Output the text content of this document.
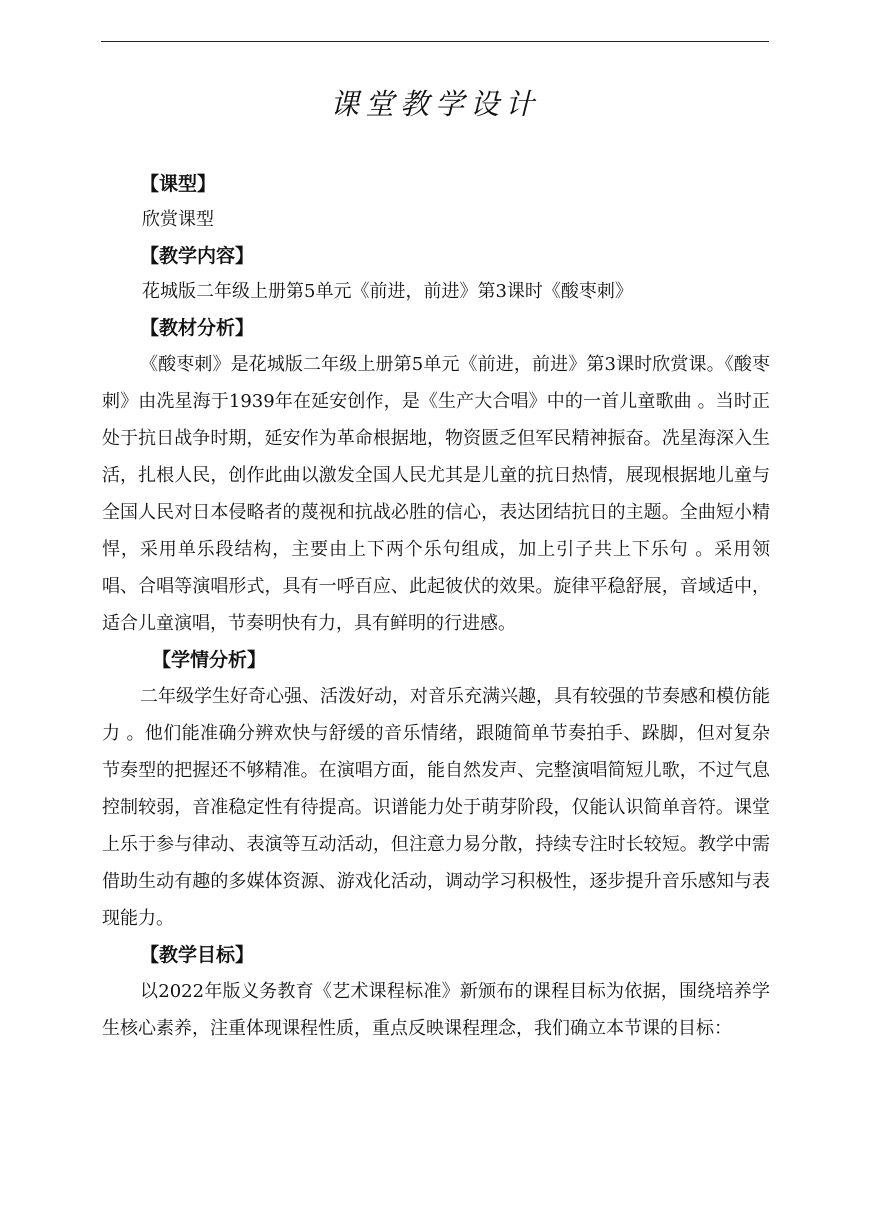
课堂教学设计
【课型】
欣赏课型
【教学内容】
花城版二年级上册第5单元《前进，前进》第3课时《酸枣刺》
【教材分析】

《酸枣刺》是花城版二年级上册第5单元《前进，前进》第3课时欣赏课。《酸枣刺》由冼星海于1939年在延安创作，是《生产大合唱》中的一首儿童歌曲 。当时正处于抗日战争时期，延安作为革命根据地，物资匮乏但军民精神振奋。冼星海深入生活，扎根人民，创作此曲以激发全国人民尤其是儿童的抗日热情，展现根据地儿童与全国人民对日本侵略者的蔑视和抗战必胜的信心，表达团结抗日的主题。全曲短小精悍，采用单乐段结构，主要由上下两个乐句组成，加上引子共上下乐句 。采用领唱、合唱等演唱形式，具有一呼百应、此起彼伏的效果。旋律平稳舒展，音域适中，适合儿童演唱，节奏明快有力，具有鲜明的行进感。

【学情分析】

二年级学生好奇心强、活泼好动，对音乐充满兴趣，具有较强的节奏感和模仿能力 。他们能准确分辨欢快与舒缓的音乐情绪，跟随简单节奏拍手、跺脚，但对复杂节奏型的把握还不够精准。在演唱方面，能自然发声、完整演唱简短儿歌，不过气息控制较弱，音准稳定性有待提高。识谱能力处于萌芽阶段，仅能认识简单音符。课堂上乐于参与律动、表演等互动活动，但注意力易分散，持续专注时长较短。教学中需借助生动有趣的多媒体资源、游戏化活动，调动学习积极性，逐步提升音乐感知与表现能力。

【教学目标】

以2022年版义务教育《艺术课程标准》新颁布的课程目标为依据，围绕培养学生核心素养，注重体现课程性质，重点反映课程理念，我们确立本节课的目标：
